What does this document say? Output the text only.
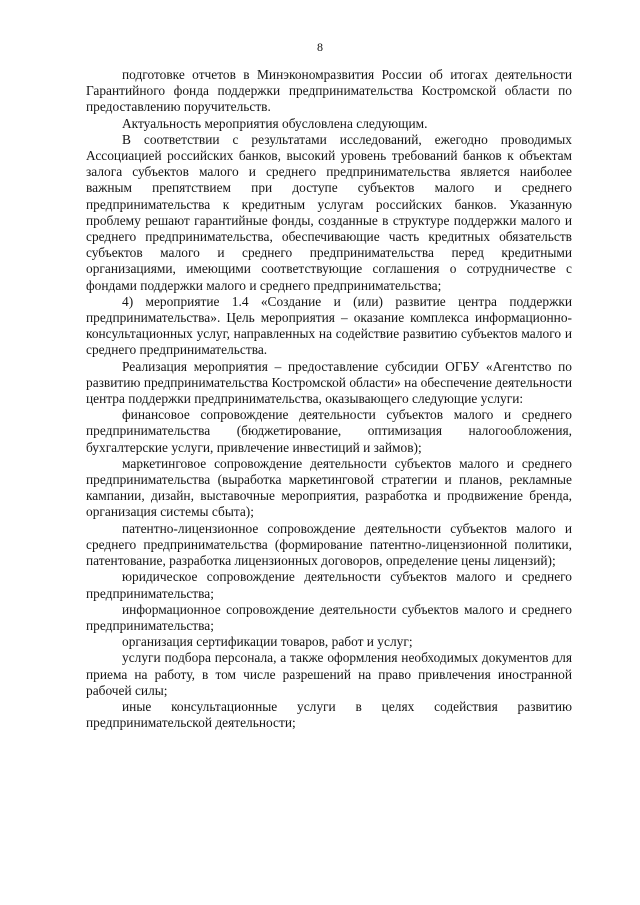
8

подготовке отчетов в Минэкономразвития России об итогах деятельности Гарантийного фонда поддержки предпринимательства Костромской области по предоставлению поручительств.

Актуальность мероприятия обусловлена следующим.

В соответствии с результатами исследований, ежегодно проводимых Ассоциацией российских банков, высокий уровень требований банков к объектам залога субъектов малого и среднего предпринимательства является наиболее важным препятствием при доступе субъектов малого и среднего предпринимательства к кредитным услугам российских банков. Указанную проблему решают гарантийные фонды, созданные в структуре поддержки малого и среднего предпринимательства, обеспечивающие часть кредитных обязательств субъектов малого и среднего предпринимательства перед кредитными организациями, имеющими соответствующие соглашения о сотрудничестве с фондами поддержки малого и среднего предпринимательства;

4) мероприятие 1.4 «Создание и (или) развитие центра поддержки предпринимательства». Цель мероприятия – оказание комплекса информационно-консультационных услуг, направленных на содействие развитию субъектов малого и среднего предпринимательства.

Реализация мероприятия – предоставление субсидии ОГБУ «Агентство по развитию предпринимательства Костромской области» на обеспечение деятельности центра поддержки предпринимательства, оказывающего следующие услуги:

финансовое сопровождение деятельности субъектов малого и среднего предпринимательства (бюджетирование, оптимизация налогообложения, бухгалтерские услуги, привлечение инвестиций и займов);

маркетинговое сопровождение деятельности субъектов малого и среднего предпринимательства (выработка маркетинговой стратегии и планов, рекламные кампании, дизайн, выставочные мероприятия, разработка и продвижение бренда, организация системы сбыта);

патентно-лицензионное сопровождение деятельности субъектов малого и среднего предпринимательства (формирование патентно-лицензионной политики, патентование, разработка лицензионных договоров, определение цены лицензий);

юридическое сопровождение деятельности субъектов малого и среднего предпринимательства;

информационное сопровождение деятельности субъектов малого и среднего предпринимательства;

организация сертификации товаров, работ и услуг;

услуги подбора персонала, а также оформления необходимых документов для приема на работу, в том числе разрешений на право привлечения иностранной рабочей силы;

иные консультационные услуги в целях содействия развитию предпринимательской деятельности;
